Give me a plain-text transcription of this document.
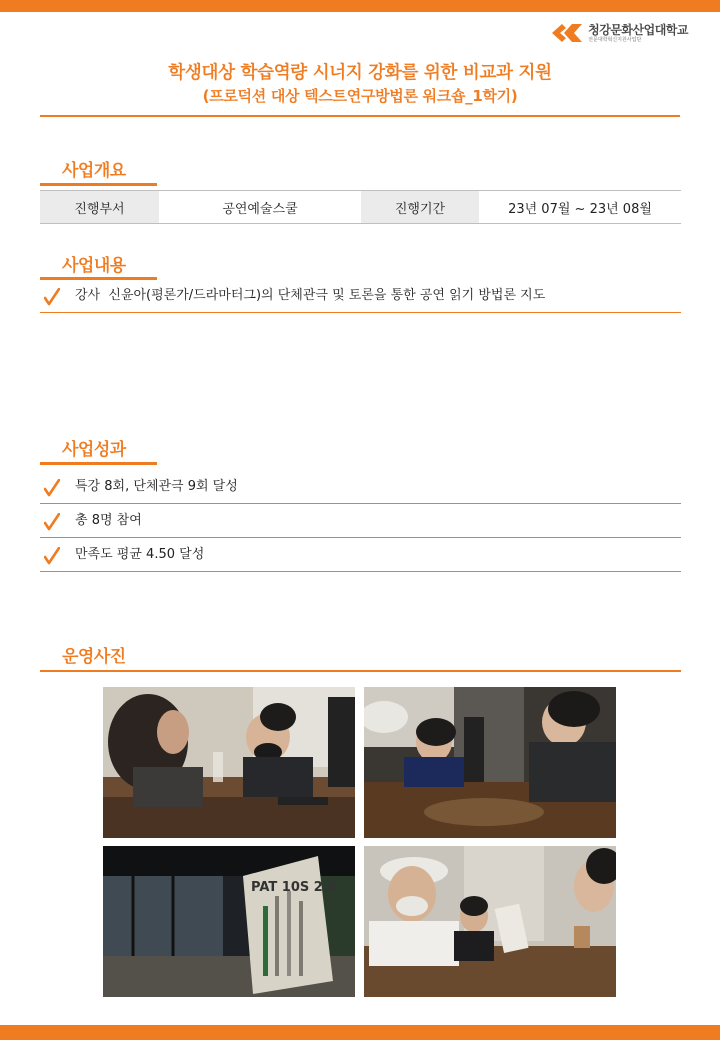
청강문화산업대학교
전문대학혁신지원사업단
학생대상 학습역량 시너지 강화를 위한 비교과 지원
(프로덕션 대상 텍스트연구방법론 워크숍_1학기)
사업개요
진행부서	공연예술스쿨	진행기간	23년 07월 ~ 23년 08월
사업내용
강사  신윤아(평론가/드라마터그)의 단체관극 및 토론을 통한 공연 읽기 방법론 지도
사업성과
특강 8회, 단체관극 9회 달성
총 8명 참여
만족도 평균 4.50 달성
운영사진
PAT 10S 2.0
